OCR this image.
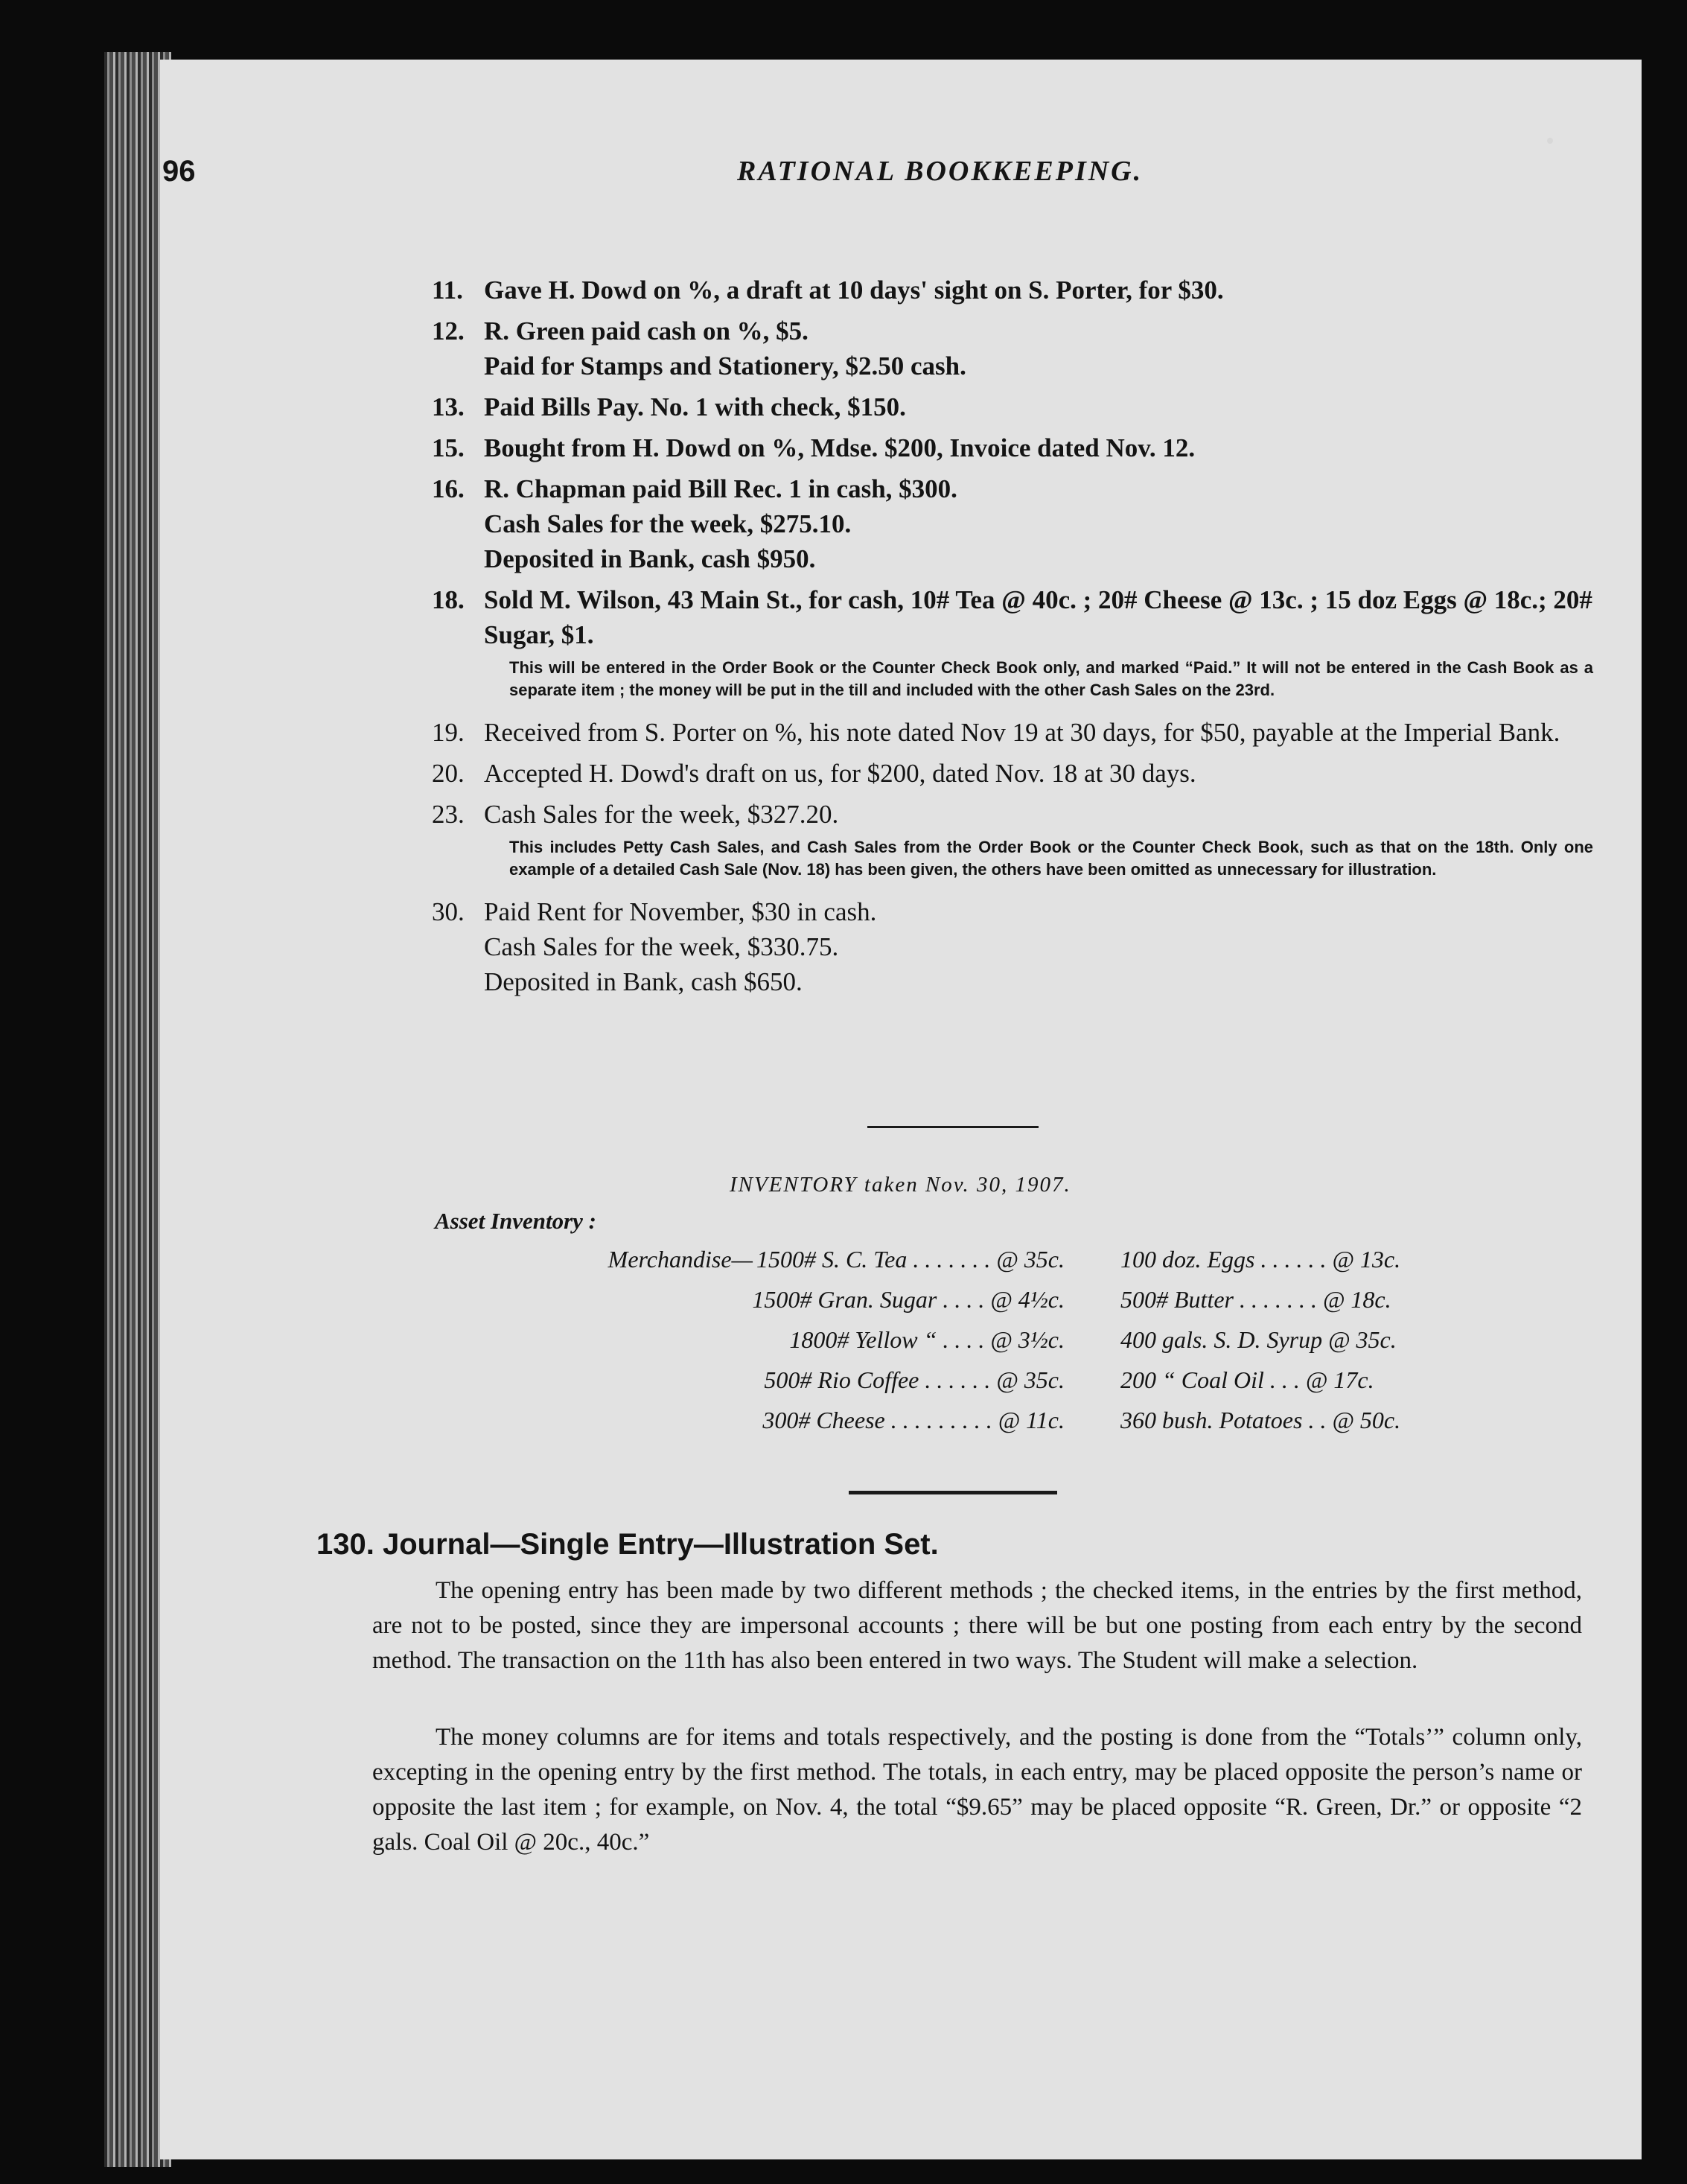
96	RATIONAL BOOKKEEPING.
11. Gave H. Dowd on %, a draft at 10 days' sight on S. Porter, for $30.
12. R. Green paid cash on %, $5.
Paid for Stamps and Stationery, $2.50 cash.
13. Paid Bills Pay. No. 1 with check, $150.
15. Bought from H. Dowd on %, Mdse. $200, Invoice dated Nov. 12.
16. R. Chapman paid Bill Rec. 1 in cash, $300.
Cash Sales for the week, $275.10.
Deposited in Bank, cash $950.
18. Sold M. Wilson, 43 Main St., for cash, 10# Tea @ 40c. ; 20# Cheese @ 13c. ; 15 doz Eggs @ 18c.; 20# Sugar, $1.
This will be entered in the Order Book or the Counter Check Book only, and marked “Paid.” It will not be entered in the Cash Book as a separate item ; the money will be put in the till and included with the other Cash Sales on the 23rd.
19. Received from S. Porter on %, his note dated Nov 19 at 30 days, for $50, payable at the Imperial Bank.
20. Accepted H. Dowd's draft on us, for $200, dated Nov. 18 at 30 days.
23. Cash Sales for the week, $327.20.
This includes Petty Cash Sales, and Cash Sales from the Order Book or the Counter Check Book, such as that on the 18th. Only one example of a detailed Cash Sale (Nov. 18) has been given, the others have been omitted as unnecessary for illustration.
30. Paid Rent for November, $30 in cash.
Cash Sales for the week, $330.75.
Deposited in Bank, cash $650.
INVENTORY taken Nov. 30, 1907.
Asset Inventory :
Merchandise— 1500# S. C. Tea . . . . . . . @ 35c. 100 doz. Eggs . . . . . . @ 13c.
1500# Gran. Sugar . . . . @ 4½c. 500# Butter . . . . . . . @ 18c.
1800# Yellow “ . . . . @ 3½c. 400 gals. S. D. Syrup @ 35c.
500# Rio Coffee . . . . . . @ 35c. 200 “ Coal Oil . . . @ 17c.
300# Cheese . . . . . . . . . @ 11c. 360 bush. Potatoes . . @ 50c.
130. Journal—Single Entry—Illustration Set.
The opening entry has been made by two different methods ; the checked items, in the entries by the first method, are not to be posted, since they are impersonal accounts ; there will be but one posting from each entry by the second method. The transaction on the 11th has also been entered in two ways. The Student will make a selection.
The money columns are for items and totals respectively, and the posting is done from the “Totals’” column only, excepting in the opening entry by the first method. The totals, in each entry, may be placed opposite the person’s name or opposite the last item ; for example, on Nov. 4, the total “$9.65” may be placed opposite “R. Green, Dr.” or opposite “2 gals. Coal Oil @ 20c., 40c.”
